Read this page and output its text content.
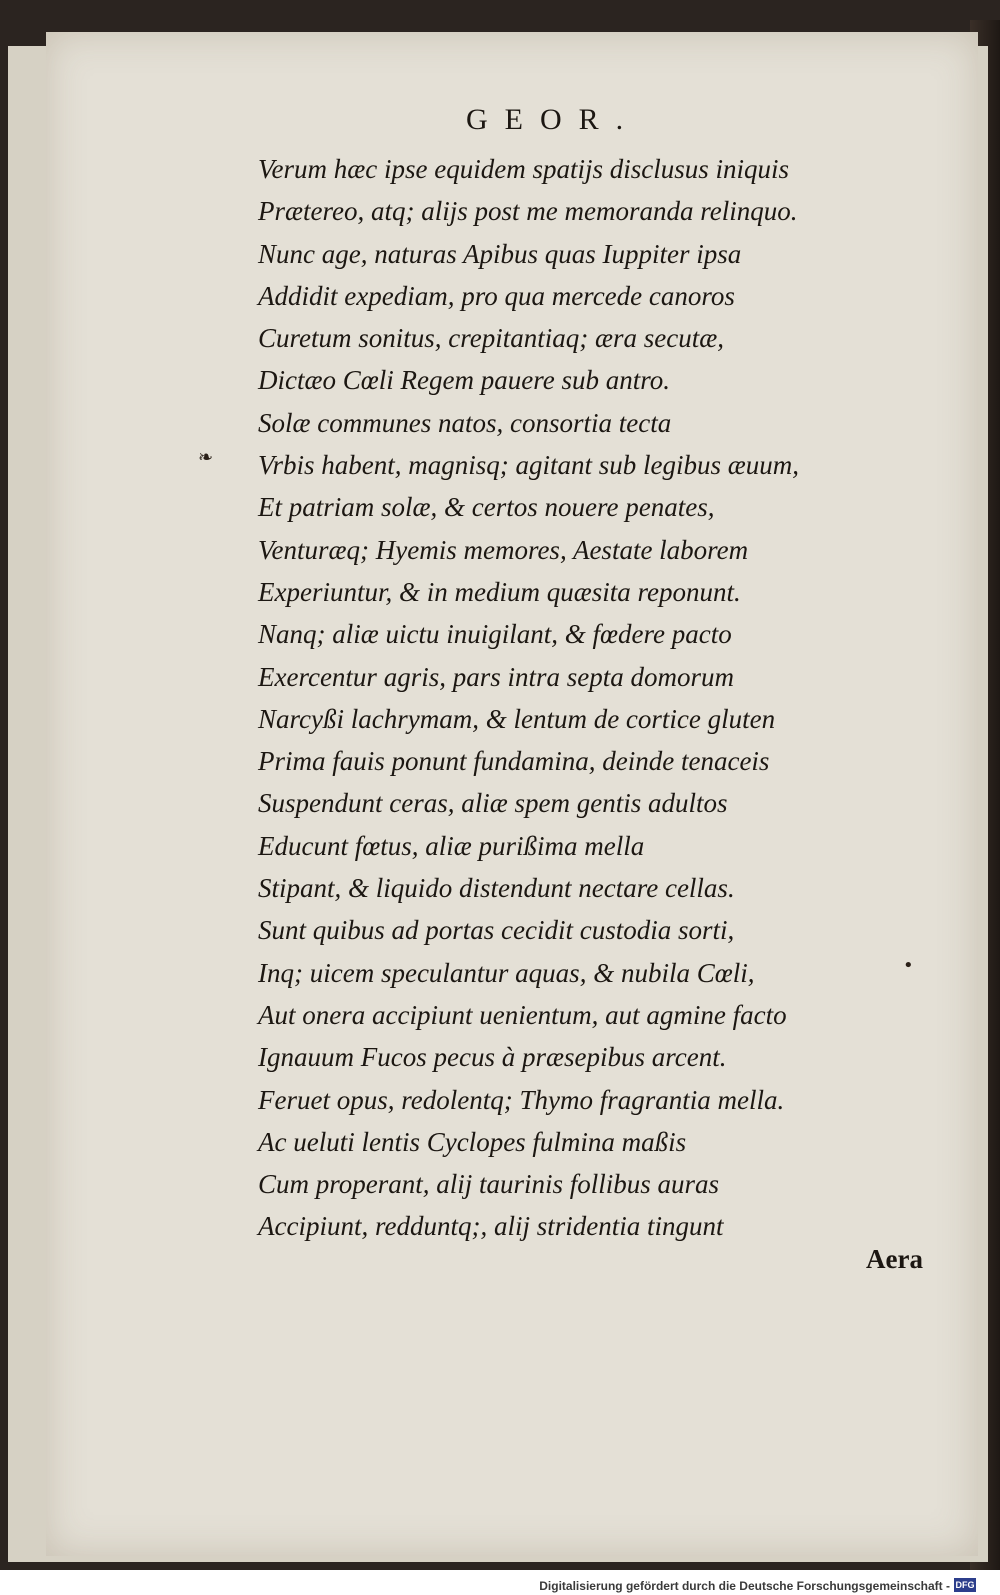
GEOR.
Verum hæc ipse equidem spatijs disclusus iniquis
Prætereo, atq; alijs post me memoranda relinquo.
Nunc age, naturas Apibus quas Iuppiter ipsa
Addidit expediam, pro qua mercede canoros
Curetum sonitus, crepitantiaq; æra secutæ,
Dictæo Cœli Regem pauere sub antro.
Solæ communes natos, consortia tecta
Vrbis habent, magnisq; agitant sub legibus æuum,
Et patriam solæ, & certos nouere penates,
Venturæq; Hyemis memores, Aestate laborem
Experiuntur, & in medium quæsita reponunt.
Nanq; aliæ uictu inuigilant, & fœdere pacto
Exercentur agris, pars intra septa domorum
Narcyßi lachrymam, & lentum de cortice gluten
Prima fauis ponunt fundamina, deinde tenaceis
Suspendunt ceras, aliæ spem gentis adultos
Educunt fœtus, aliæ purißima mella
Stipant, & liquido distendunt nectare cellas.
Sunt quibus ad portas cecidit custodia sorti,
Inq; uicem speculantur aquas, & nubila Cœli,
Aut onera accipiunt uenientum, aut agmine facto
Ignauum Fucos pecus à præsepibus arcent.
Feruet opus, redolentq; Thymo fragrantia mella.
Ac ueluti lentis Cyclopes fulmina maßis
Cum properant, alij taurinis follibus auras
Accipiunt, redduntq;, alij stridentia tingunt
❧
•
Aera
Digitalisierung gefördert durch die Deutsche Forschungsgemeinschaft - DFG
